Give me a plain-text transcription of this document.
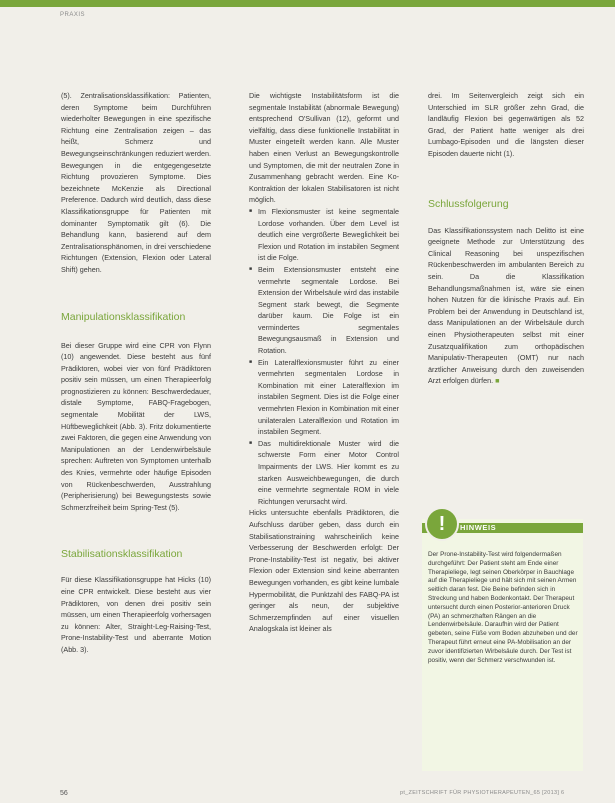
PRAXIS

(5). Zentralisationsklassifikation: Patienten, deren Symptome beim Durchführen wiederholter Bewegungen in eine spezifische Richtung eine Zentralisation zeigen – das heißt, Schmerz und Bewegungseinschränkungen reduziert werden. Bewegungen in die entgegengesetzte Richtung provozieren Symptome. Dies bezeichnete McKenzie als Directional Preference. Dadurch wird deutlich, dass diese Klassifikationsgruppe für Patienten mit dominanter Symptomatik gilt (6). Die Behandlung kann, basierend auf dem Zentralisationsphänomen, in drei verschiedene Richtungen (Extension, Flexion oder Lateral Shift) gehen.

Manipulationsklassifikation

Bei dieser Gruppe wird eine CPR von Flynn (10) angewendet. Diese besteht aus fünf Prädiktoren, wobei vier von fünf Prädiktoren positiv sein müssen, um einen Therapieerfolg prognostizieren zu können: Beschwerdedauer, distale Symptome, FABQ-Fragebogen, segmentale Mobilität der LWS, Hüftbeweglichkeit (Abb. 3). Fritz dokumentierte zwei Faktoren, die gegen eine Anwendung von Manipulationen an der Lendenwirbelsäule sprechen: Auftreten von Symptomen unterhalb des Knies, vermehrte oder häufige Episoden von Rückenbeschwerden, Ausstrahlung (Peripherisierung) bei Bewegungstests sowie Schmerzfreiheit beim Spring-Test (5).

Stabilisationsklassifikation

Für diese Klassifikationsgruppe hat Hicks (10) eine CPR entwickelt. Diese besteht aus vier Prädiktoren, von denen drei positiv sein müssen, um einen Therapieerfolg vorhersagen zu können: Alter, Straight-Leg-Raising-Test, Prone-Instability-Test und aberrante Motion (Abb. 3).

Die wichtigste Instabilitätsform ist die segmentale Instabilität (abnormale Bewegung) entsprechend O'Sullivan (12), geformt und vielfältig, dass diese funktionelle Instabilität in Muster eingeteilt werden kann. Alle Muster haben einen Verlust an Bewegungskontrolle und Symptomen, die mit der neutralen Zone in Zusammenhang gebracht werden. Eine Ko-Kontraktion der lokalen Stabilisatoren ist nicht möglich.

■ Im Flexionsmuster ist keine segmentale Lordose vorhanden. Über dem Level ist deutlich eine vergrößerte Beweglichkeit bei Flexion und Rotation im instabilen Segment ist die Folge.
■ Beim Extensionsmuster entsteht eine vermehrte segmentale Lordose. Bei Extension der Wirbelsäule wird das instabile Segment stark bewegt, die Segmente darüber kaum. Die Folge ist ein vermindertes segmentales Bewegungsausmaß in Extension und Rotation.
■ Ein Lateralflexionsmuster führt zu einer vermehrten segmentalen Lordose in Kombination mit einer Lateralflexion im instabilen Segment. Dies ist die Folge einer vermehrten Flexion in Kombination mit einer unilateralen Lateralflexion und Rotation im instabilen Segment.
■ Das multidirektionale Muster wird die schwerste Form einer Motor Control Impairments der LWS. Hier kommt es zu starken Ausweichbewegungen, die durch eine vermehrte segmentale ROM in viele Richtungen verursacht wird.

Hicks untersuchte ebenfalls Prädiktoren, die Aufschluss darüber geben, dass durch ein Stabilisationstraining wahrscheinlich keine Verbesserung der Beschwerden erfolgt: Der Prone-Instability-Test ist negativ, bei aktiver Flexion oder Extension sind keine aberranten Bewegungen vorhanden, es gibt keine lumbale Hypermobilität, die Punktzahl des FABQ-PA ist geringer als neun, der subjektive Schmerzempfinden auf einer visuellen Analogskala ist kleiner als

drei. Im Seitenvergleich zeigt sich ein Unterschied im SLR größer zehn Grad, die landläufig Flexion bei gegenwärtigen als 52 Grad, der Patient hatte weniger als drei Lumbago-Episoden und die längsten dieser Episoden dauerte nicht (1).

Schlussfolgerung

Das Klassifikationssystem nach Delitto ist eine geeignete Methode zur Unterstützung des Clinical Reasoning bei unspezifischen Rückenbeschwerden im ambulanten Bereich zu sein. Da die Klassifikation Behandlungsmaßnahmen ist, wäre sie einen hohen Nutzen für die klinische Praxis auf. Ein Problem bei der Anwendung in Deutschland ist, dass Manipulationen an der Wirbelsäule durch einen Physiotherapeuten selbst mit einer Zusatzqualifikation zum orthopädischen Manipulativ-Therapeuten (OMT) nur nach ärztlicher Anweisung durch den zuweisenden Arzt erfolgen dürfen. ■

HINWEIS
!
Der Prone-Instability-Test wird folgendermaßen durchgeführt: Der Patient steht am Ende einer Therapieliege, legt seinen Oberkörper in Bauchlage auf die Therapieliege und hält sich mit seinen Armen seitlich daran fest. Die Beine befinden sich in Streckung und haben Bodenkontakt. Der Therapeut untersucht durch einen Posterior-anterioren Druck (PA) an schmerzhaften Rängen an die Lendenwirbelsäule. Daraufhin wird der Patient gebeten, seine Füße vom Boden abzuheben und der Therapeut führt erneut eine PA-Mobilisation an der zuvor identifizierten Wirbelsäule durch. Der Test ist positiv, wenn der Schmerz verschwunden ist.
56	pt_ZEITSCHRIFT FÜR PHYSIOTHERAPEUTEN_65 [2013] 6
